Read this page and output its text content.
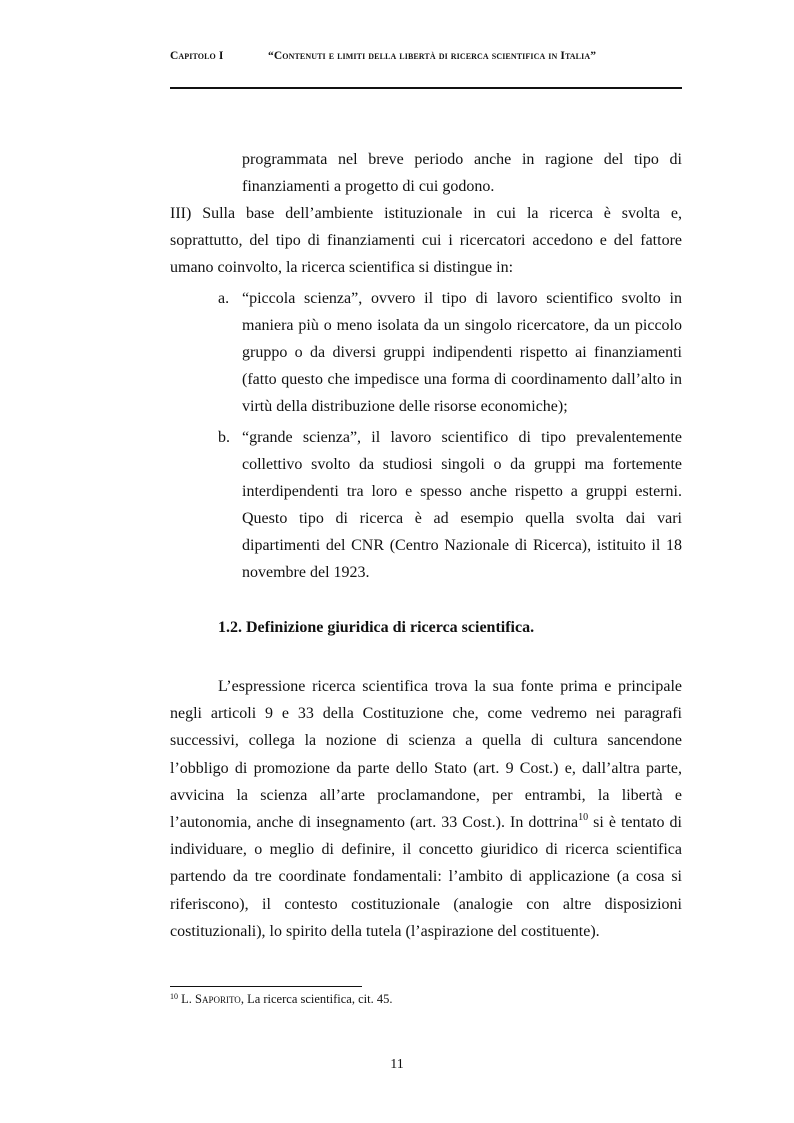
Capitolo I	“Contenuti e limiti della libertà di ricerca scientifica in Italia”

programmata nel breve periodo anche in ragione del tipo di finanziamenti a progetto di cui godono.

III) Sulla base dell’ambiente istituzionale in cui la ricerca è svolta e, soprattutto, del tipo di finanziamenti cui i ricercatori accedono e del fattore umano coinvolto, la ricerca scientifica si distingue in:

a. “piccola scienza”, ovvero il tipo di lavoro scientifico svolto in maniera più o meno isolata da un singolo ricercatore, da un piccolo gruppo o da diversi gruppi indipendenti rispetto ai finanziamenti (fatto questo che impedisce una forma di coordinamento dall’alto in virtù della distribuzione delle risorse economiche);

b. “grande scienza”, il lavoro scientifico di tipo prevalentemente collettivo svolto da studiosi singoli o da gruppi ma fortemente interdipendenti tra loro e spesso anche rispetto a gruppi esterni. Questo tipo di ricerca è ad esempio quella svolta dai vari dipartimenti del CNR (Centro Nazionale di Ricerca), istituito il 18 novembre del 1923.

1.2. Definizione giuridica di ricerca scientifica.

L’espressione ricerca scientifica trova la sua fonte prima e principale negli articoli 9 e 33 della Costituzione che, come vedremo nei paragrafi successivi, collega la nozione di scienza a quella di cultura sancendone l’obbligo di promozione da parte dello Stato (art. 9 Cost.) e, dall’altra parte, avvicina la scienza all’arte proclamandone, per entrambi, la libertà e l’autonomia, anche di insegnamento (art. 33 Cost.). In dottrina$^{10}$ si è tentato di individuare, o meglio di definire, il concetto giuridico di ricerca scientifica partendo da tre coordinate fondamentali: l’ambito di applicazione (a cosa si riferiscono), il contesto costituzionale (analogie con altre disposizioni costituzionali), lo spirito della tutela (l’aspirazione del costituente).

$^{10}$ L. Saporito, La ricerca scientifica, cit. 45.

11
